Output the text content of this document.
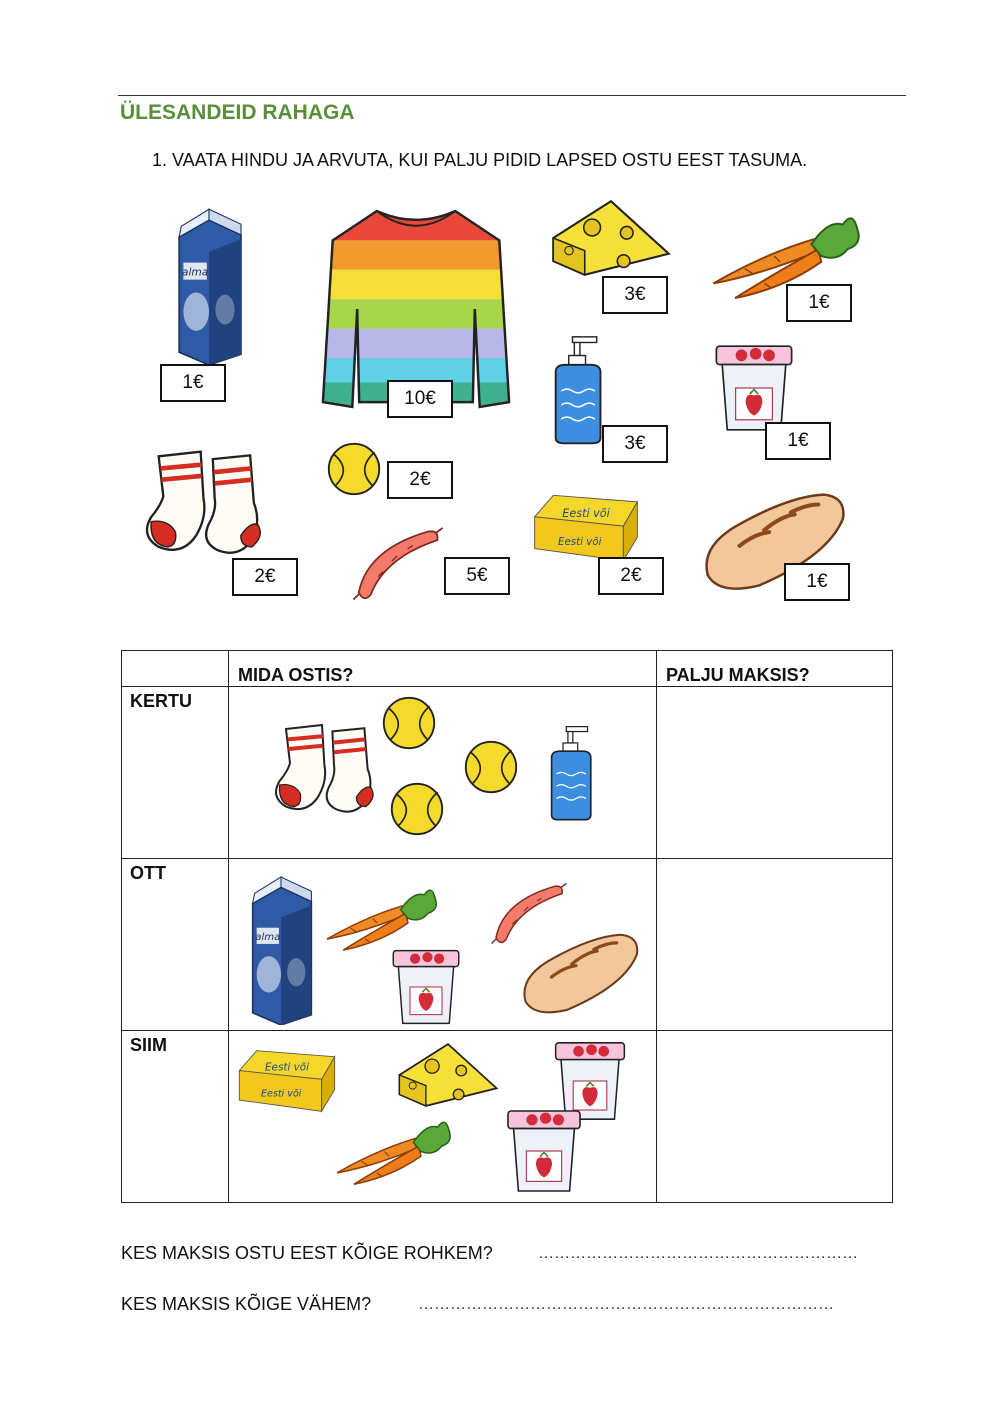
ÜLESANDEID RAHAGA
1. VAATA HINDU JA ARVUTA, KUI PALJU PIDID LAPSED OSTU EEST TASUMA.
1€
10€
3€	1€
3€	1€
2€
2€
5€	2€	1€
	MIDA OSTIS?	PALJU MAKSIS?
KERTU	

OTT	

SIIM	

KES MAKSIS OSTU EEST KÕIGE ROHKEM?	……………………………………………………
KES MAKSIS KÕIGE VÄHEM?	……………………………………………………………………
